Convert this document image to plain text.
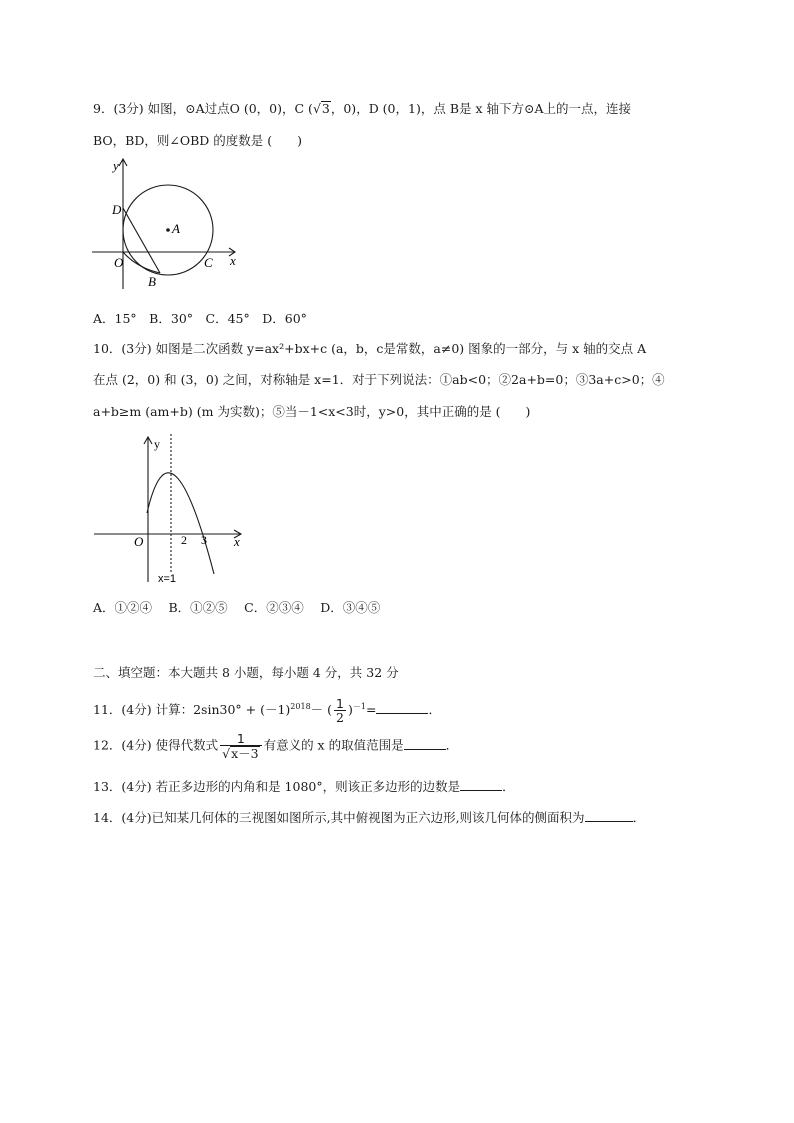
9．(3分) 如图，⊙A过点O (0，0)，C (√3，0)，D (0，1)，点 B是 x 轴下方⊙A上的一点，连接
BO，BD，则∠OBD 的度数是 (　　)
y
x
D
A
O
B
C
A．15°　B．30°　C．45°　D．60°
10．(3分) 如图是二次函数 y=ax²+bx+c (a，b，c是常数，a≠0) 图象的一部分，与 x 轴的交点 A
在点 (2，0) 和 (3，0) 之间，对称轴是 x=1．对于下列说法：①ab<0；②2a+b=0；③3a+c>0；④
a+b≥m (am+b) (m 为实数)；⑤当－1<x<3时，y>0，其中正确的是 (　　)
y
x
O	2 3
x=1
A．①②④　 B．①②⑤　 C．②③④　 D．③④⑤
二、填空题：本大题共 8 小题，每小题 4 分，共 32 分
11．(4分) 计算：$2\sin 30^\circ + (-1)^{2018}-$ ( $\frac{1}{2} )^{-1}=$	．
12．(4分) 使得代数式 $\frac{1}{√x-3}$ 有意义的 x 的取值范围是	．
13．(4分) 若正多边形的内角和是 1080°，则该正多边形的边数是	．
14．(4分)已知某几何体的三视图如图所示,其中俯视图为正六边形,则该几何体的侧面积为	．
